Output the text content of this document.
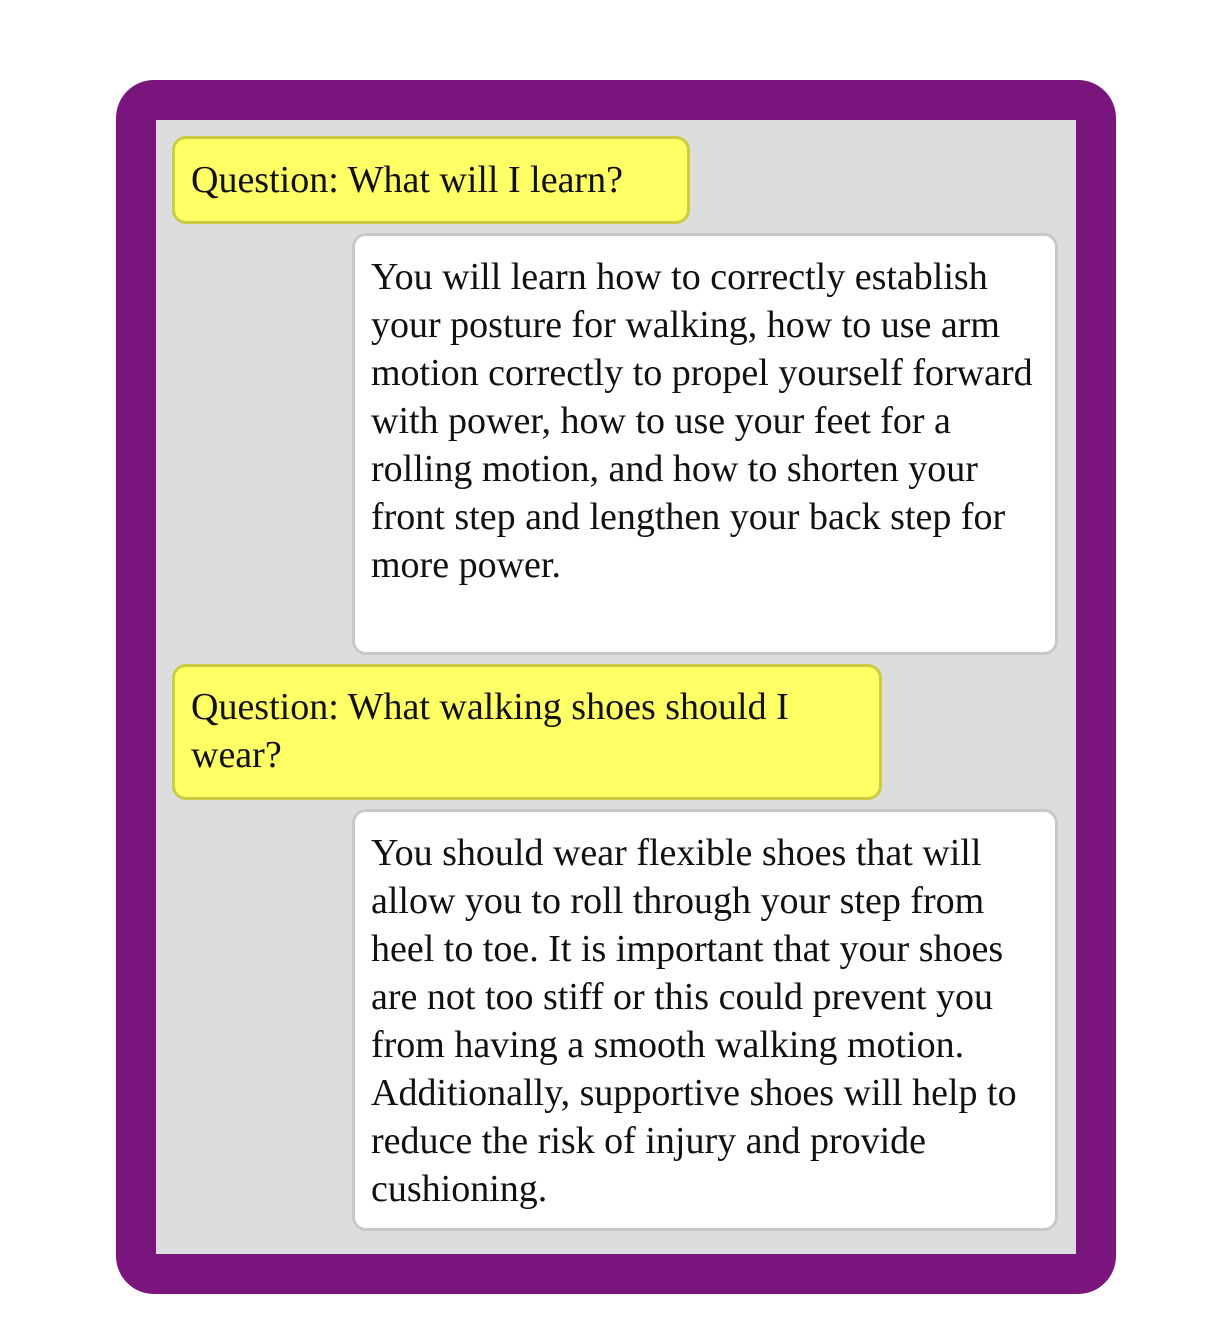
Question: What will I learn?
You will learn how to correctly establish your posture for walking, how to use arm motion correctly to propel yourself forward with power, how to use your feet for a rolling motion, and how to shorten your front step and lengthen your back step for more power.
Question: What walking shoes should I wear?
You should wear flexible shoes that will allow you to roll through your step from heel to toe. It is important that your shoes are not too stiff or this could prevent you from having a smooth walking motion. Additionally, supportive shoes will help to reduce the risk of injury and provide cushioning.
